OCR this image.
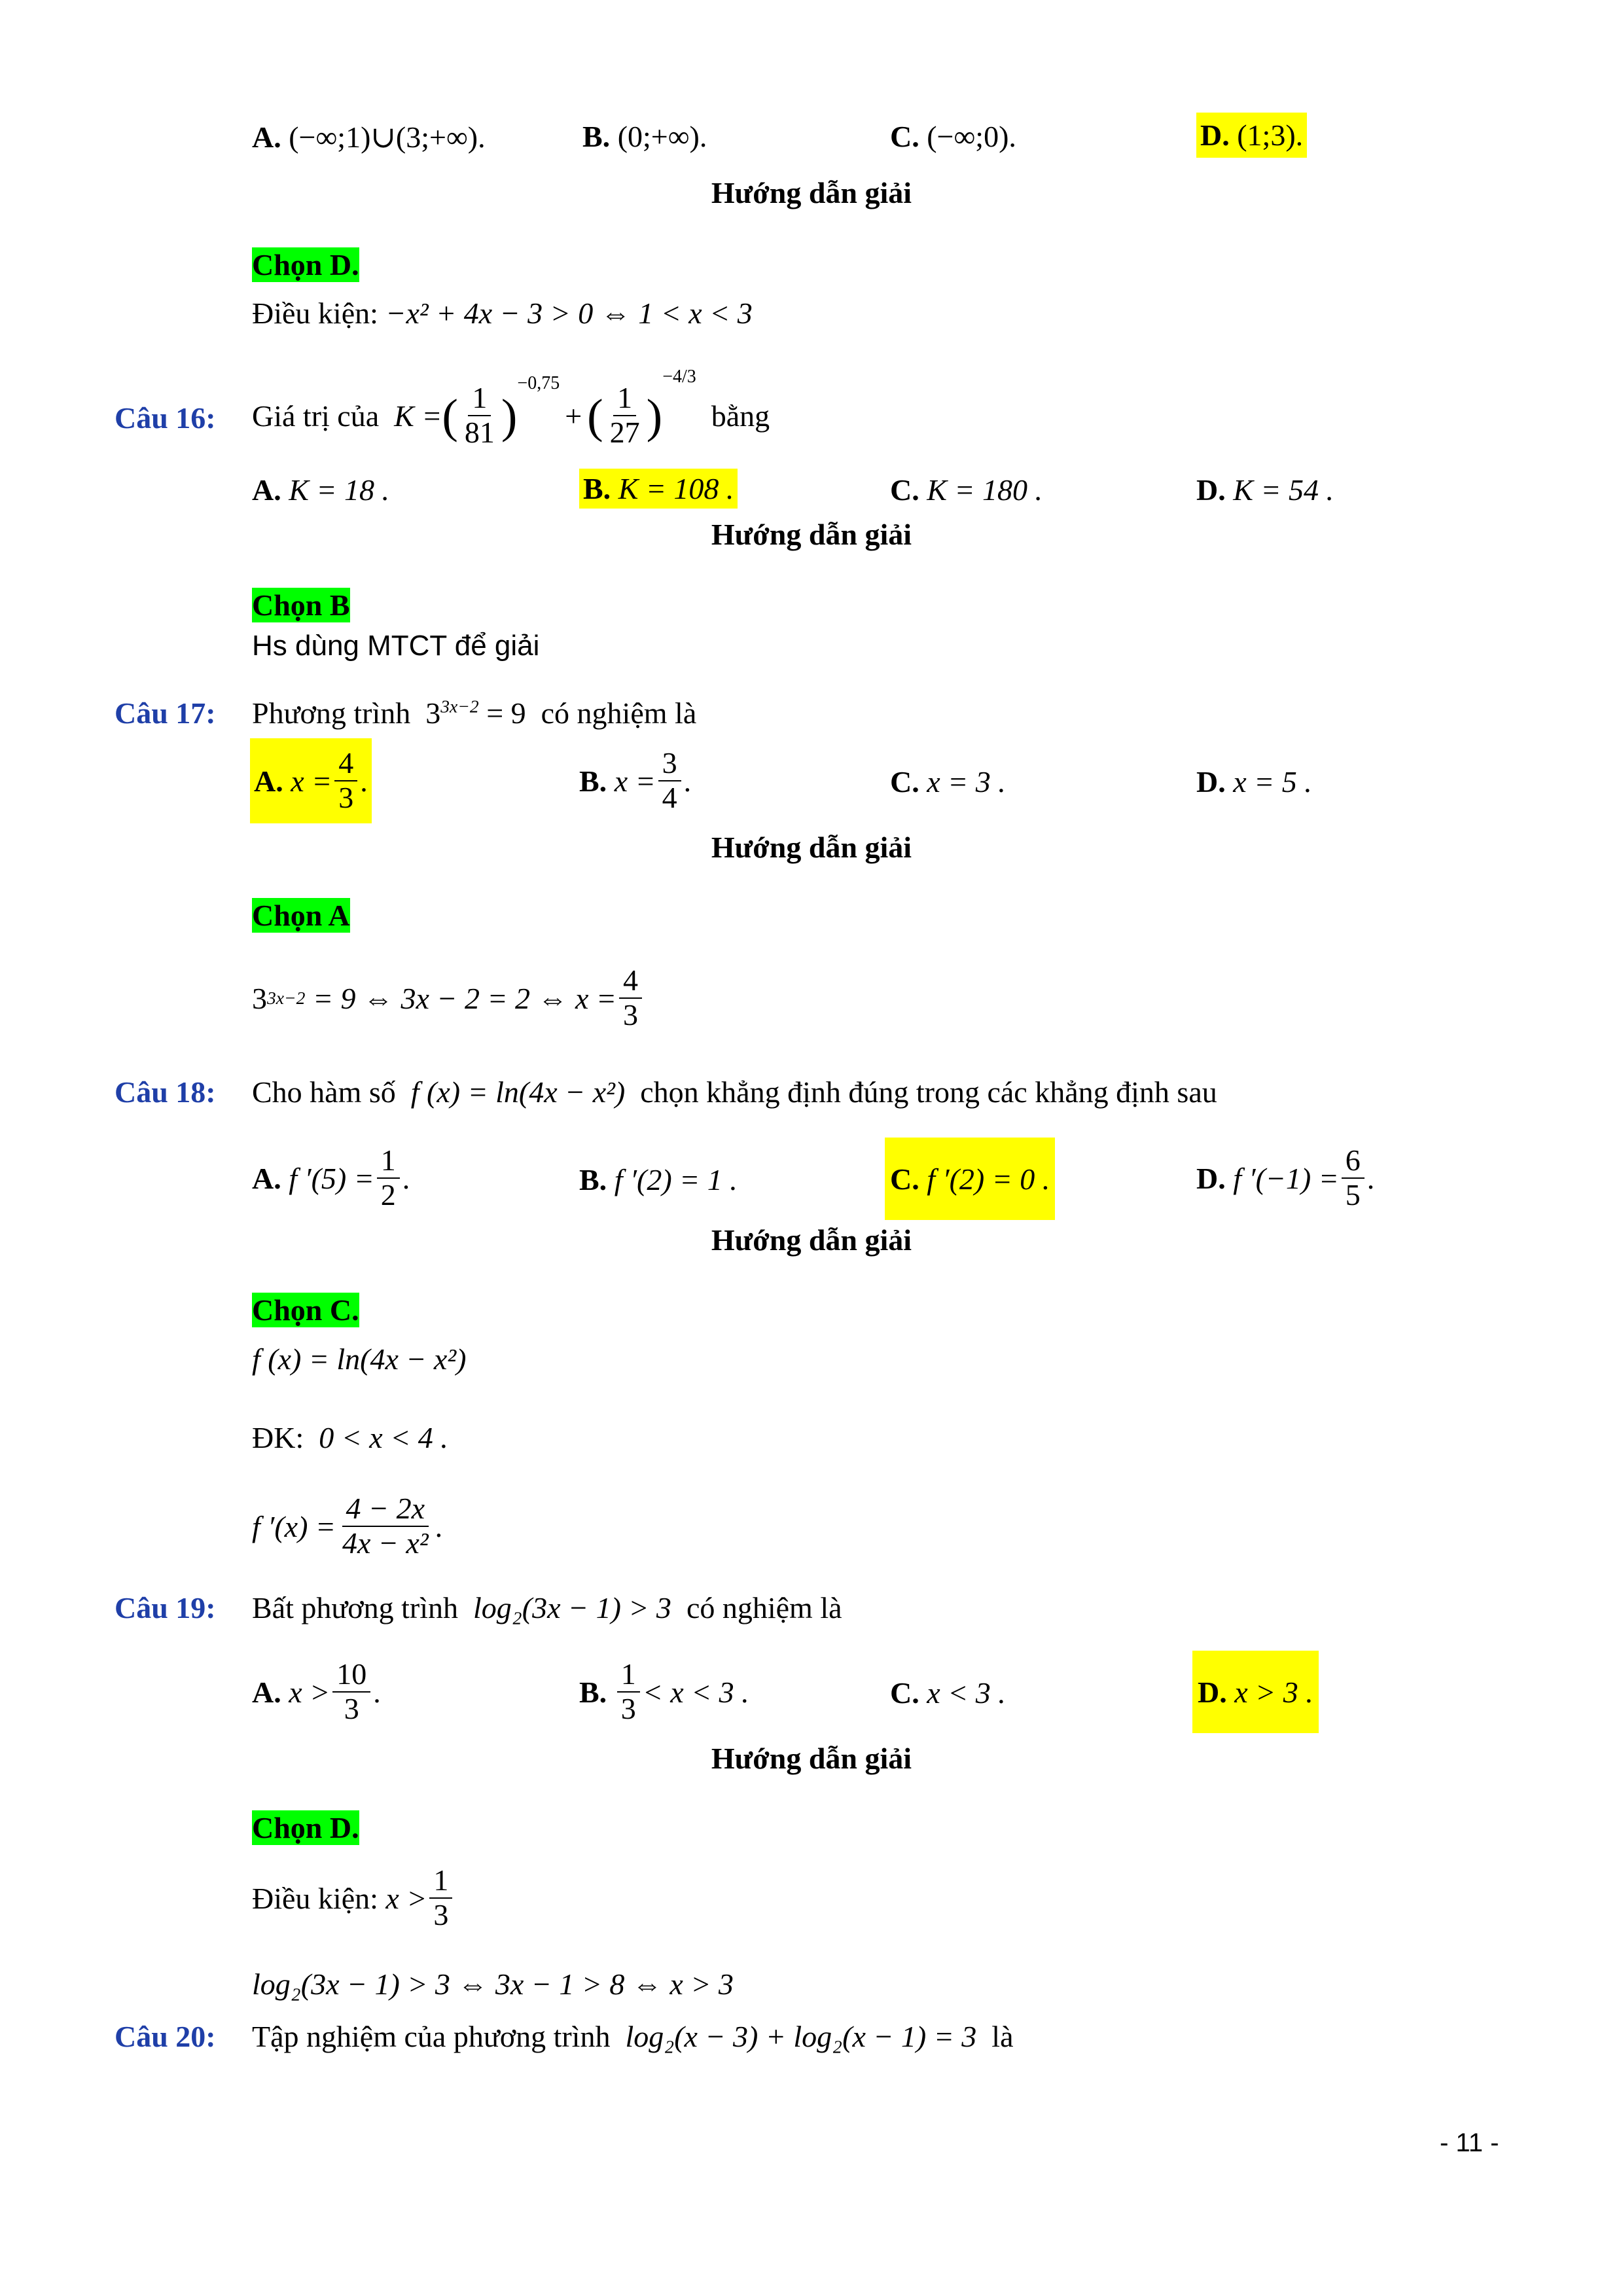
A. (−∞;1)∪(3;+∞).	B. (0;+∞).	C. (−∞;0).	D. (1;3).
Hướng dẫn giải
Chọn D.
Điều kiện: −x² + 4x − 3 > 0 ⇔ 1 < x < 3
Câu 16: Giá trị của
K = ( $\frac{1}{81}$ )
−0,75
+ ( $\frac{1}{27}$ )
−4/3

bằng
A. K = 18 .	B. K = 108 .	C. K = 180 .	D. K = 54 .
Hướng dẫn giải
Chọn B
Hs dùng MTCT để giải
Câu 17: Phương trình $3^{3x-2} = 9$ có nghiệm là
A.
$x = \frac{4}{3}$ .	B.
$x = \frac{3}{4}$ .	C. x = 3 .	D. x = 5 .
Hướng dẫn giải
Chọn A
3 3x−2
= 9 ⇔ 3x − 2 = 2 ⇔ $x = \frac{4}{3}$
Câu 18: Cho hàm số f (x) = ln(4x − x²) chọn khẳng định đúng trong các khẳng định sau
A.
f $'(5) = \frac{1}{2}$ .	B. f ′(2) = 1 .	C.
f ′(2) = 0 .	D.
f $'(-1) = \frac{6}{5}$ .
Hướng dẫn giải
Chọn C.
f (x) = ln(4x − x²)
ĐK: 0 < x < 4 .
f $'(x) = \frac{4 - 2x}{\text{4x − x²}}$ .
Câu 19: Bất phương trình log₂(3x − 1) > 3 có nghiệm là
A.
$x > \frac{10}{3}$ .	B.
$\frac{1}{3} < x < 3$ .	C. x < 3 .	D.
x > 3 .
Hướng dẫn giải
Chọn D.
Điều kiện:
$x > \frac{1}{3}$
log₂(3x − 1) > 3 ⇔ 3x − 1 > 8 ⇔ x > 3
Câu 20: Tập nghiệm của phương trình log₂(x − 3) + log₂(x − 1) = 3 là
- 11 -
